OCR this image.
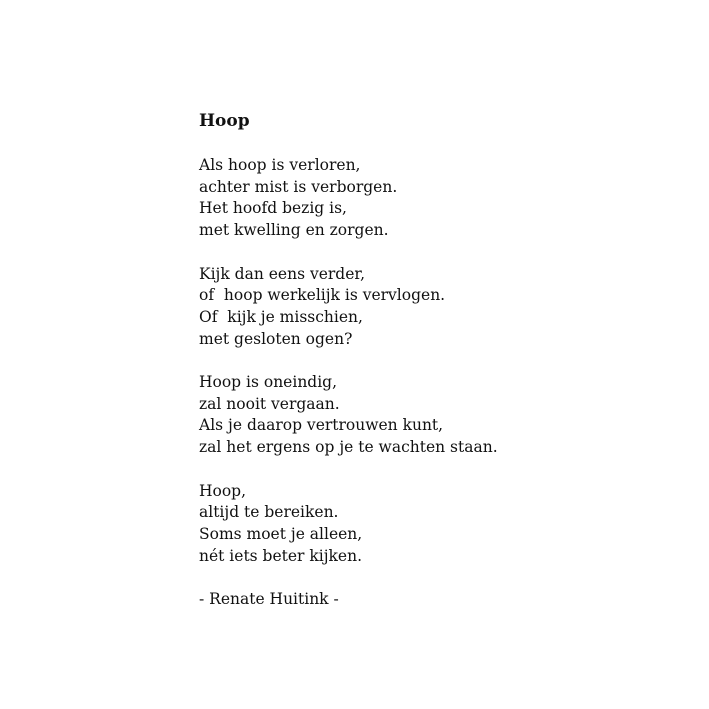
Hoop
Als hoop is verloren,
achter mist is verborgen.
Het hoofd bezig is,
met kwelling en zorgen.
Kijk dan eens verder,
of  hoop werkelijk is vervlogen.
Of  kijk je misschien,
met gesloten ogen?
Hoop is oneindig,
zal nooit vergaan.
Als je daarop vertrouwen kunt,
zal het ergens op je te wachten staan.
Hoop,
altijd te bereiken.
Soms moet je alleen,
nét iets beter kijken.
- Renate Huitink -
